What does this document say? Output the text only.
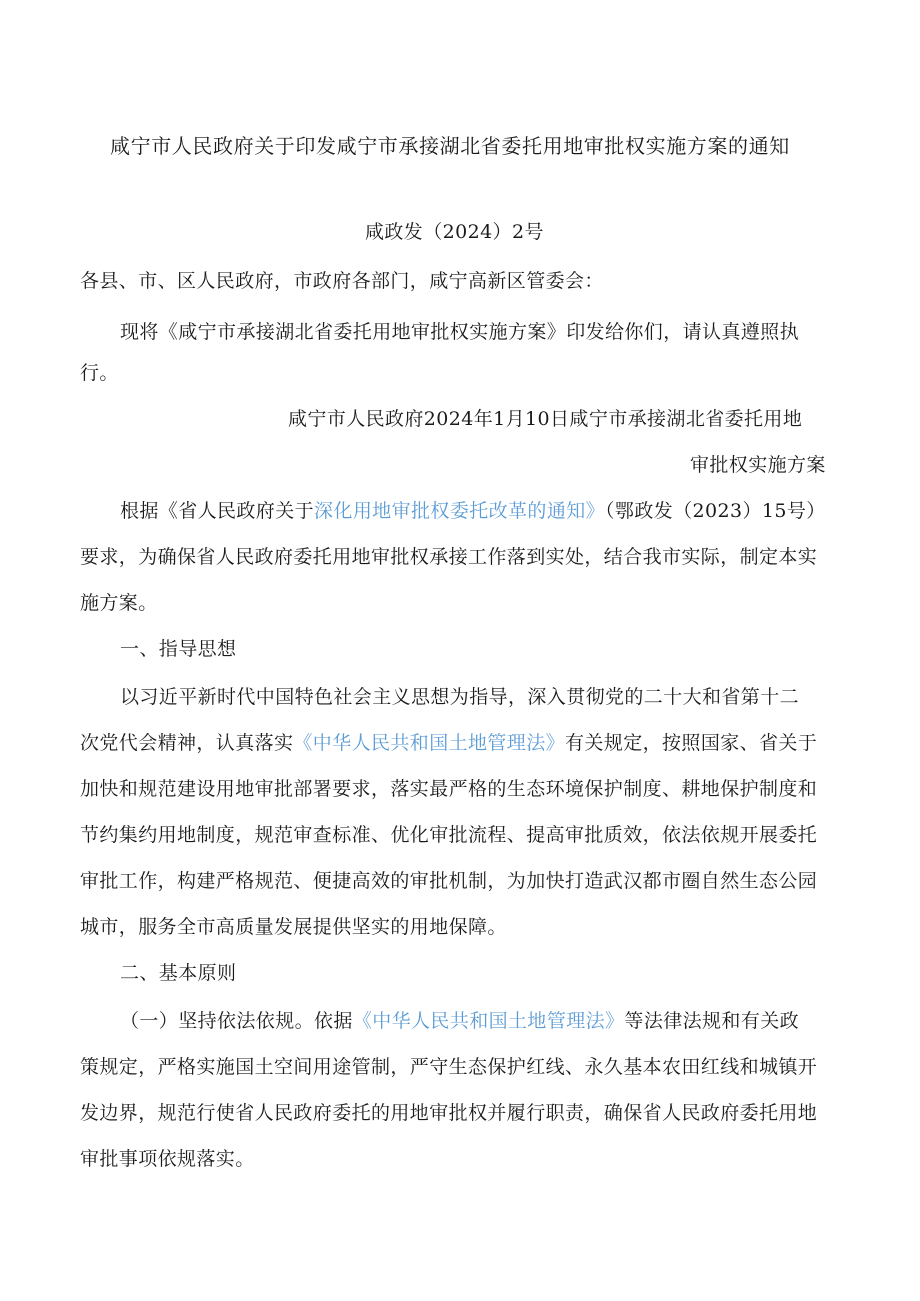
咸宁市人民政府关于印发咸宁市承接湖北省委托用地审批权实施方案的通知
咸政发（2024）2号
各县、市、区人民政府，市政府各部门，咸宁高新区管委会：
现将《咸宁市承接湖北省委托用地审批权实施方案》印发给你们，请认真遵照执
行。
咸宁市人民政府2024年1月10日咸宁市承接湖北省委托用地
审批权实施方案
根据《省人民政府关于深化用地审批权委托改革的通知》（鄂政发（2023）15号）
要求，为确保省人民政府委托用地审批权承接工作落到实处，结合我市实际，制定本实
施方案。
一、指导思想
以习近平新时代中国特色社会主义思想为指导，深入贯彻党的二十大和省第十二
次党代会精神，认真落实《中华人民共和国土地管理法》有关规定，按照国家、省关于
加快和规范建设用地审批部署要求，落实最严格的生态环境保护制度、耕地保护制度和
节约集约用地制度，规范审查标准、优化审批流程、提高审批质效，依法依规开展委托
审批工作，构建严格规范、便捷高效的审批机制，为加快打造武汉都市圈自然生态公园
城市，服务全市高质量发展提供坚实的用地保障。
二、基本原则
（一）坚持依法依规。依据《中华人民共和国土地管理法》等法律法规和有关政
策规定，严格实施国土空间用途管制，严守生态保护红线、永久基本农田红线和城镇开
发边界，规范行使省人民政府委托的用地审批权并履行职责，确保省人民政府委托用地
审批事项依规落实。
